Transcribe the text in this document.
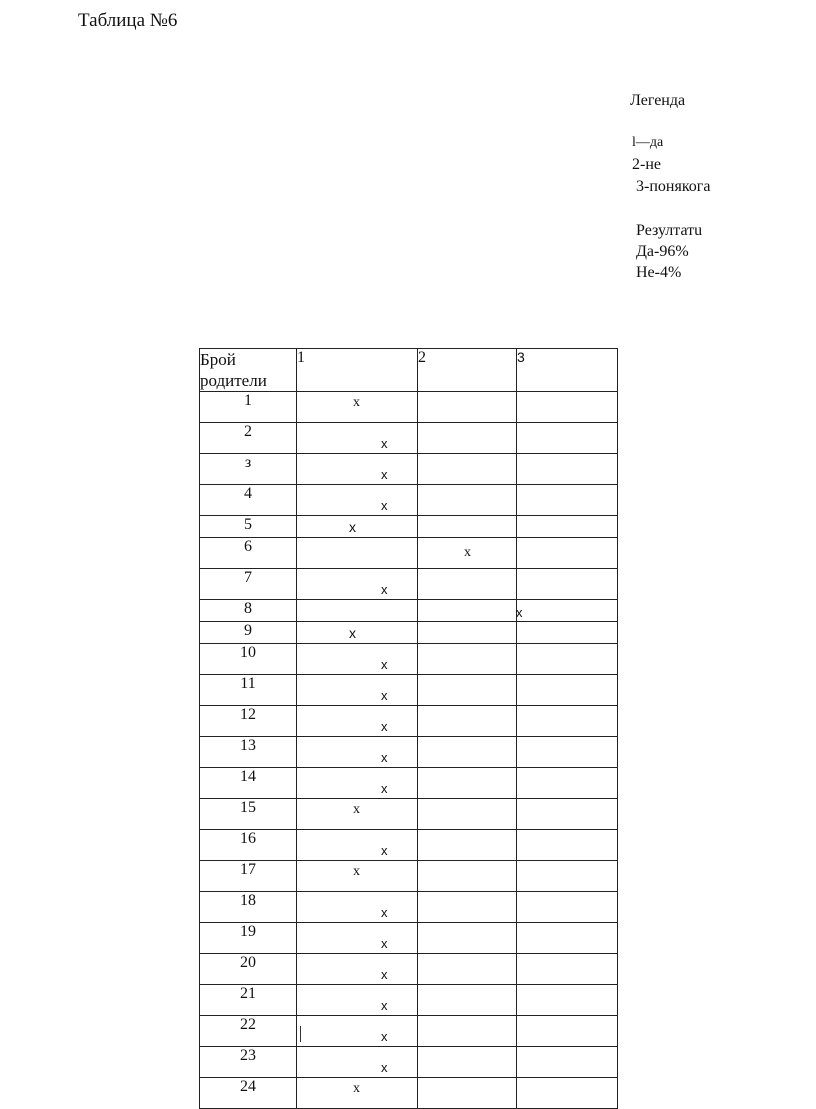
Таблица №6
Легенда
l—да
2-не
3-понякога
Резултатu
Да-96%
Не-4%
Брой родители	1	2	3
1	x		

2	x		

з	x		

4	x		

5	x		

6		x	

7	x		

8			x

9	x		

10	x		

11	x		

12	x		

13	x		

14	x		

15	x		

16	x		

17	x		

18	x		

19	x		

20	x		

21	x		

22	x		

23	x		

24	x		
